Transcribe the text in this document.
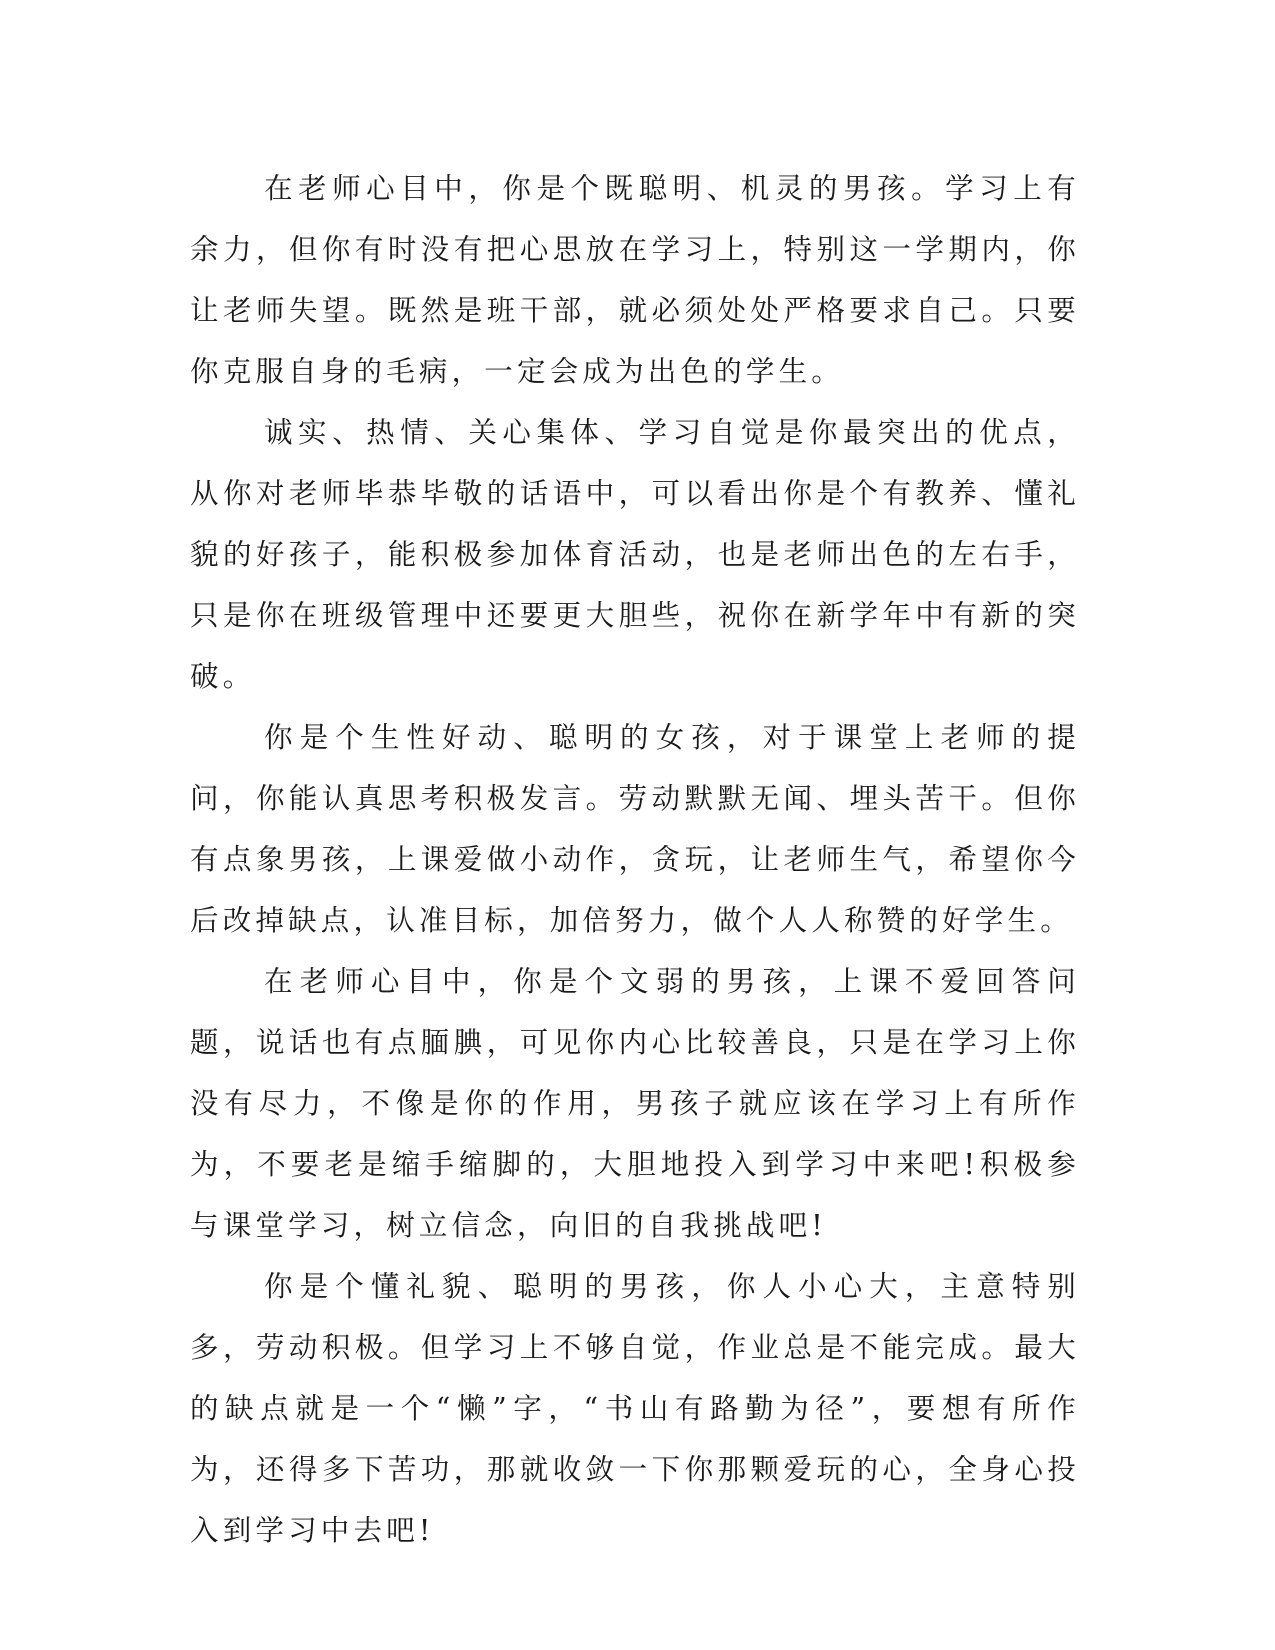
在老师心目中，你是个既聪明、机灵的男孩。学习上有余力，但你有时没有把心思放在学习上，特别这一学期内，你让老师失望。既然是班干部，就必须处处严格要求自己。只要你克服自身的毛病，一定会成为出色的学生。

诚实、热情、关心集体、学习自觉是你最突出的优点，从你对老师毕恭毕敬的话语中，可以看出你是个有教养、懂礼貌的好孩子，能积极参加体育活动，也是老师出色的左右手，只是你在班级管理中还要更大胆些，祝你在新学年中有新的突破。

你是个生性好动、聪明的女孩，对于课堂上老师的提问，你能认真思考积极发言。劳动默默无闻、埋头苦干。但你有点象男孩，上课爱做小动作，贪玩，让老师生气，希望你今后改掉缺点，认准目标，加倍努力，做个人人称赞的好学生。

在老师心目中，你是个文弱的男孩，上课不爱回答问题，说话也有点腼腆，可见你内心比较善良，只是在学习上你没有尽力，不像是你的作用，男孩子就应该在学习上有所作为，不要老是缩手缩脚的，大胆地投入到学习中来吧!积极参与课堂学习，树立信念，向旧的自我挑战吧!

你是个懂礼貌、聪明的男孩，你人小心大，主意特别多，劳动积极。但学习上不够自觉，作业总是不能完成。最大的缺点就是一个“懒”字，“书山有路勤为径”，要想有所作为，还得多下苦功，那就收敛一下你那颗爱玩的心，全身心投入到学习中去吧!
